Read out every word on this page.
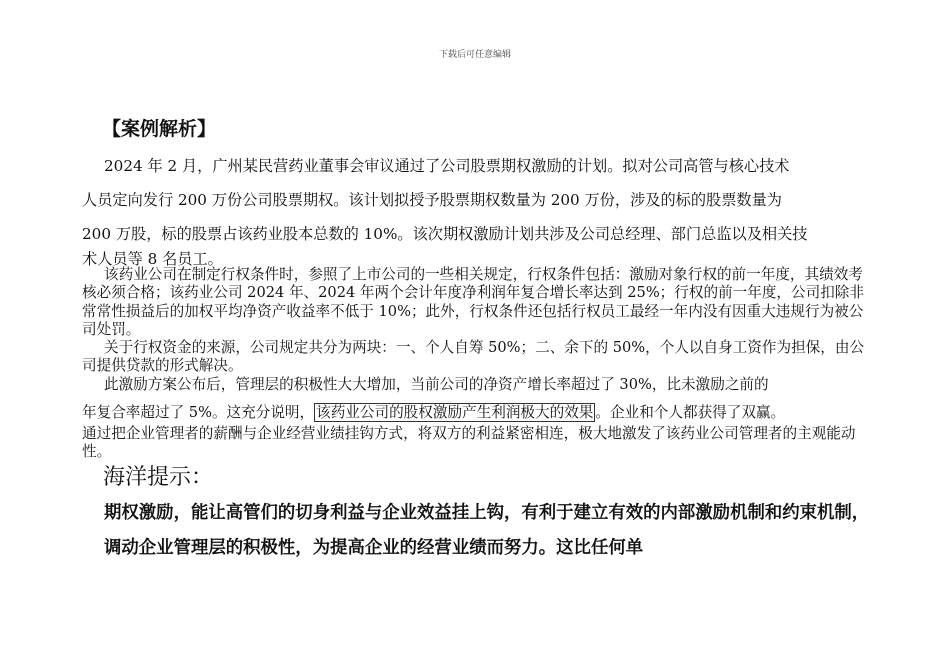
下载后可任意编辑
【案例解析】

2024 年 2 月，广州某民营药业董事会审议通过了公司股票期权激励的计划。拟对公司高管与核心技术
人员定向发行 200 万份公司股票期权。该计划拟授予股票期权数量为 200 万份，涉及的标的股票数量为
200 万股，标的股票占该药业股本总数的 10%。该次期权激励计划共涉及公司总经理、部门总监以及相关技

术人员等 8 名员工。

该药业公司在制定行权条件时，参照了上市公司的一些相关规定，行权条件包括：激励对象行权的前一年度，其绩效考核必须合格；该药业公司 2024 年、2024 年两个会计年度净利润年复合增长率达到 25%；行权的前一年度，公司扣除非常常性损益后的加权平均净资产收益率不低于 10%；此外，行权条件还包括行权员工最经一年内没有因重大违规行为被公司处罚。

关于行权资金的来源，公司规定共分为两块：一、个人自筹 50%；二、余下的 50%，个人以自身工资作为担保，由公司提供贷款的形式解决。

此激励方案公布后，管理层的积极性大大增加，当前公司的净资产增长率超过了 30%，比未激励之前的
年复合率超过了 5%。这充分说明， 该药业公司的股权激励产生利润极大的效果 。企业和个人都获得了双赢。

通过把企业管理者的薪酬与企业经营业绩挂钩方式，将双方的利益紧密相连，极大地激发了该药业公司管理者的主观能动性。

海洋提示：

期权激励，能让高管们的切身利益与企业效益挂上钩，有利于建立有效的内部激励机制和约束机制，调动企业管理层的积极性，为提高企业的经营业绩而努力。这比任何单
